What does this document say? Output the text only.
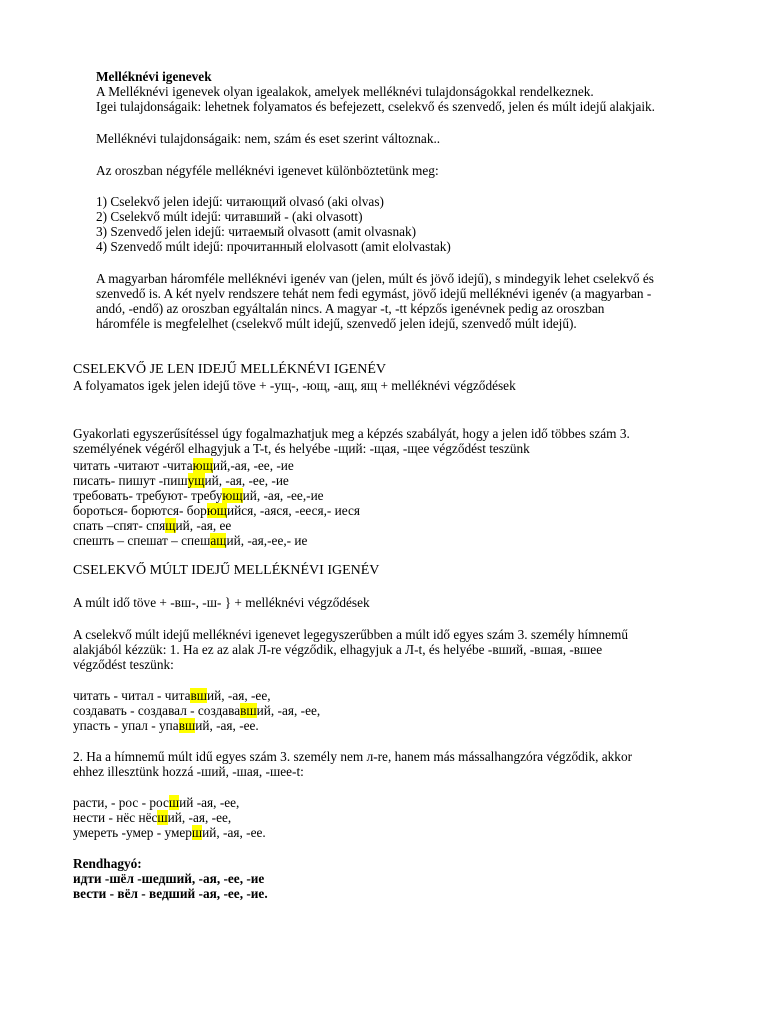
Melléknévi igenevek
A Melléknévi igenevek olyan igealakok, amelyek melléknévi tulajdonságokkal rendelkeznek.
Igei tulajdonságaik: lehetnek folyamatos és befejezett, cselekvő és szenvedő, jelen és múlt idejű alakjaik.
Melléknévi tulajdonságaik: nem, szám és eset szerint változnak..
Az oroszban négyféle melléknévi igenevet különböztetünk meg:
1) Cselekvő jelen idejű: читающий olvasó (aki olvas)
2) Cselekvő múlt idejű: читавший - (aki olvasott)
3) Szenvedő jelen idejű: читаемый olvasott (amit olvasnak)
4) Szenvedő múlt idejű: прочитанный elolvasott (amit elolvastak)
A magyarban háromféle melléknévi igenév van (jelen, múlt és jövő idejű), s mindegyik lehet cselekvő és
szenvedő is. A két nyelv rendszere tehát nem fedi egymást, jövő idejű melléknévi igenév (a magyarban -
andó, -endő) az oroszban egyáltalán nincs. A magyar -t, -tt képzős igenévnek pedig az oroszban
háromféle is megfelelhet (cselekvő múlt idejű, szenvedő jelen idejű, szenvedő múlt idejű).
CSELEKVŐ JE LEN IDEJŰ MELLÉKNÉVI IGENÉV
A folyamatos igek jelen idejű töve + -ущ-, -ющ, -ащ, ящ + melléknévi végződések
Gyakorlati egyszerűsítéssel úgy fogalmazhatjuk meg a képzés szabályát, hogy a jelen idő többes szám 3.
személyének végéről elhagyjuk a T-t, és helyébe -щий: -щая, -щее végződést teszünk
читать -читают -читающий,-ая, -ее, -ие
писать- пишут -пишущий, -ая, -ее, -ие
требовать- требуют- требующий, -ая, -ее,-ие
бороться- борются- борющийся, -аяся, -ееся,- иеся
спать –спят- спящий, -ая, ее
спешть – спешат – спешащий, -ая,-ее,- ие
CSELEKVŐ MÚLT IDEJŰ MELLÉKNÉVI IGENÉV
A múlt idő töve + -вш-, -ш- } + melléknévi végződések
A cselekvő múlt idejű melléknévi igenevet legegyszerűbben a múlt idő egyes szám 3. személy hímnemű
alakjából kézzük: 1. Ha ez az alak Л-re végződik, elhagyjuk a Л-t, és helyébe -вший, -вшая, -вшее
végződést teszünk:
читать - читал - читавший, -ая, -ее,
создавать - создавал - создававший, -ая, -ее,
упасть - упал - упавший, -ая, -ее.
2. Ha a hímnemű múlt idű egyes szám 3. személy nem л-re, hanem más mássalhangzóra végződik, akkor
ehhez illesztünk hozzá -ший, -шая, -шее-t:
расти, - рос - росший -ая, -ее,
нести - нёс нёсший, -ая, -ее,
умереть -умер - умерший, -ая, -ее.
Rendhagyó:
идти -шёл -шедший, -ая, -ее, -ие
вести - вёл - ведший -ая, -ее, -ие.
